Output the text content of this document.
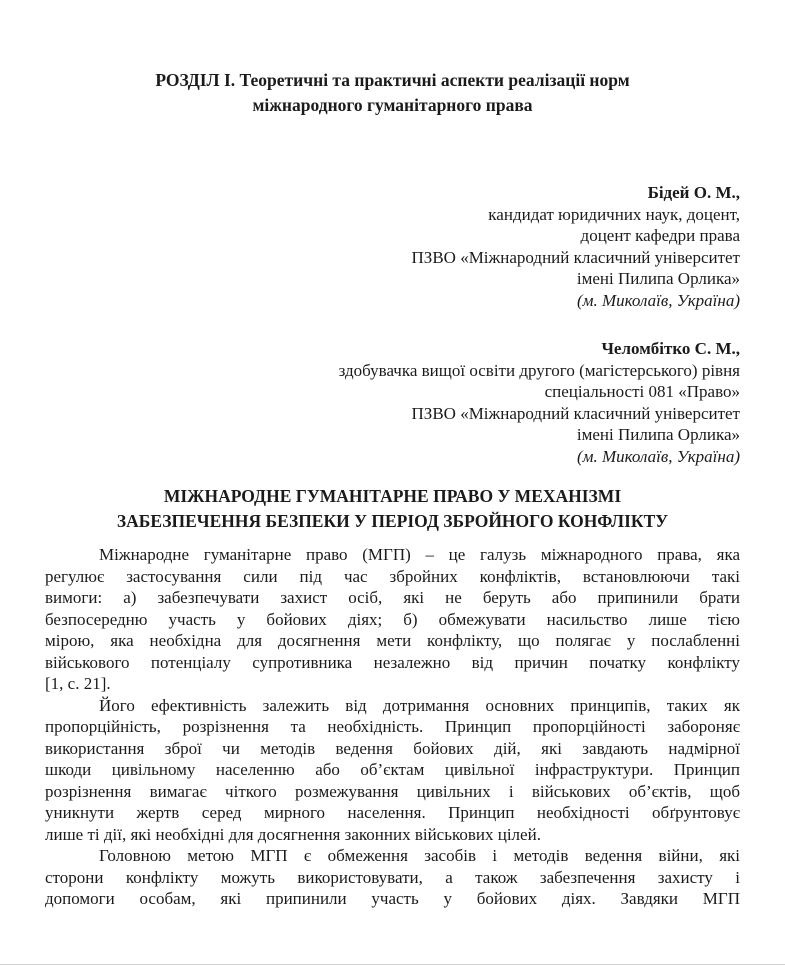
РОЗДІЛ І. Теоретичні та практичні аспекти реалізації норм
міжнародного гуманітарного права
Бідей О. М.,
кандидат юридичних наук, доцент,
доцент кафедри права
ПЗВО «Міжнародний класичний університет
імені Пилипа Орлика»
(м. Миколаїв, Україна)
Челомбітко С. М.,
здобувачка вищої освіти другого (магістерського) рівня
спеціальності 081 «Право»
ПЗВО «Міжнародний класичний університет
імені Пилипа Орлика»
(м. Миколаїв, Україна)
МІЖНАРОДНЕ ГУМАНІТАРНЕ ПРАВО У МЕХАНІЗМІ
ЗАБЕЗПЕЧЕННЯ БЕЗПЕКИ У ПЕРІОД ЗБРОЙНОГО КОНФЛІКТУ
Міжнародне гуманітарне право (МГП) – це галузь міжнародного права, яка
регулює застосування сили під час збройних конфліктів, встановлюючи такі
вимоги: а) забезпечувати захист осіб, які не беруть або припинили брати
безпосередню участь у бойових діях; б) обмежувати насильство лише тією
мірою, яка необхідна для досягнення мети конфлікту, що полягає у послабленні
військового потенціалу супротивника незалежно від причин початку конфлікту
[1, с. 21].
Його ефективність залежить від дотримання основних принципів, таких як
пропорційність, розрізнення та необхідність. Принцип пропорційності забороняє
використання зброї чи методів ведення бойових дій, які завдають надмірної
шкоди цивільному населенню або об’єктам цивільної інфраструктури. Принцип
розрізнення вимагає чіткого розмежування цивільних і військових об’єктів, щоб
уникнути жертв серед мирного населення. Принцип необхідності обґрунтовує
лише ті дії, які необхідні для досягнення законних військових цілей.
Головною метою МГП є обмеження засобів і методів ведення війни, які
сторони конфлікту можуть використовувати, а також забезпечення захисту і
допомоги особам, які припинили участь у бойових діях. Завдяки МГП
